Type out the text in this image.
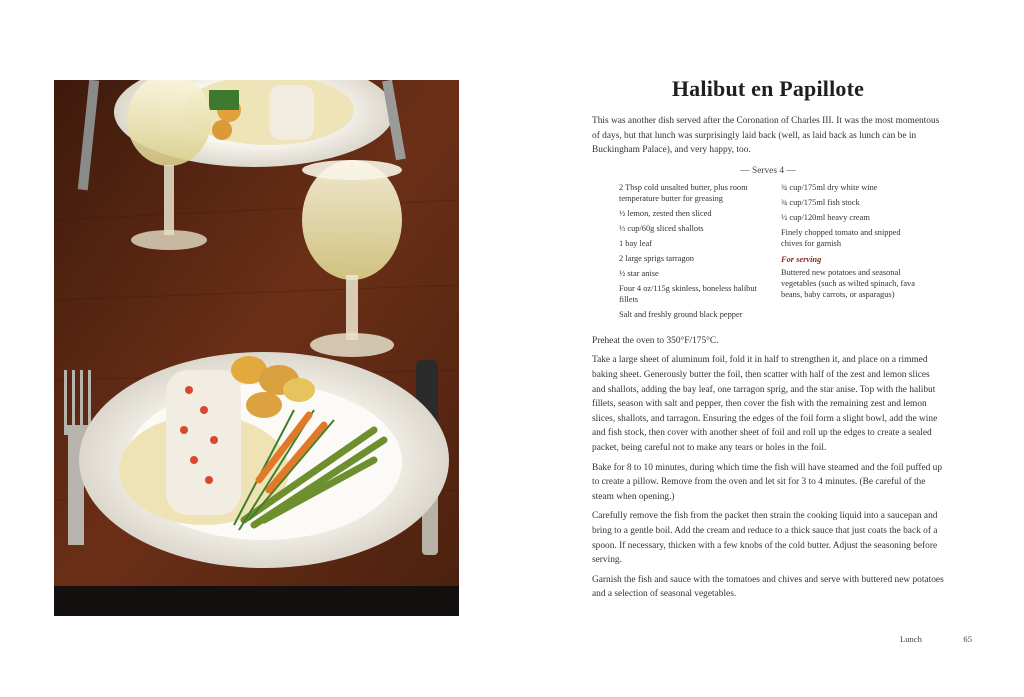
Halibut en Papillote

This was another dish served after the Coronation of Charles III. It was the most momentous of days, but that lunch was surprisingly laid back (well, as laid back as lunch can be in Buckingham Palace), and very happy, too.

— Serves 4 —
2 Tbsp cold unsalted butter, plus room temperature butter for greasing
½ lemon, zested then sliced
⅓ cup/60g sliced shallots
1 bay leaf
2 large sprigs tarragon
½ star anise
Four 4 oz/115g skinless, boneless halibut fillets
Salt and freshly ground black pepper
¾ cup/175ml dry white wine
¾ cup/175ml fish stock
½ cup/120ml heavy cream
Finely chopped tomato and snipped chives for garnish
For serving
Buttered new potatoes and seasonal vegetables (such as wilted spinach, fava beans, baby carrots, or asparagus)

Preheat the oven to 350°F/175°C.

Take a large sheet of aluminum foil, fold it in half to strengthen it, and place on a rimmed baking sheet. Generously butter the foil, then scatter with half of the zest and lemon slices and shallots, adding the bay leaf, one tarragon sprig, and the star anise. Top with the halibut fillets, season with salt and pepper, then cover the fish with the remaining zest and lemon slices, shallots, and tarragon. Ensuring the edges of the foil form a slight bowl, add the wine and fish stock, then cover with another sheet of foil and roll up the edges to create a sealed packet, being careful not to make any tears or holes in the foil.

Bake for 8 to 10 minutes, during which time the fish will have steamed and the foil puffed up to create a pillow. Remove from the oven and let sit for 3 to 4 minutes. (Be careful of the steam when opening.)

Carefully remove the fish from the packet then strain the cooking liquid into a saucepan and bring to a gentle boil. Add the cream and reduce to a thick sauce that just coats the back of a spoon. If necessary, thicken with a few knobs of the cold butter. Adjust the seasoning before serving.

Garnish the fish and sauce with the tomatoes and chives and serve with buttered new potatoes and a selection of seasonal vegetables.

Lunch	65
